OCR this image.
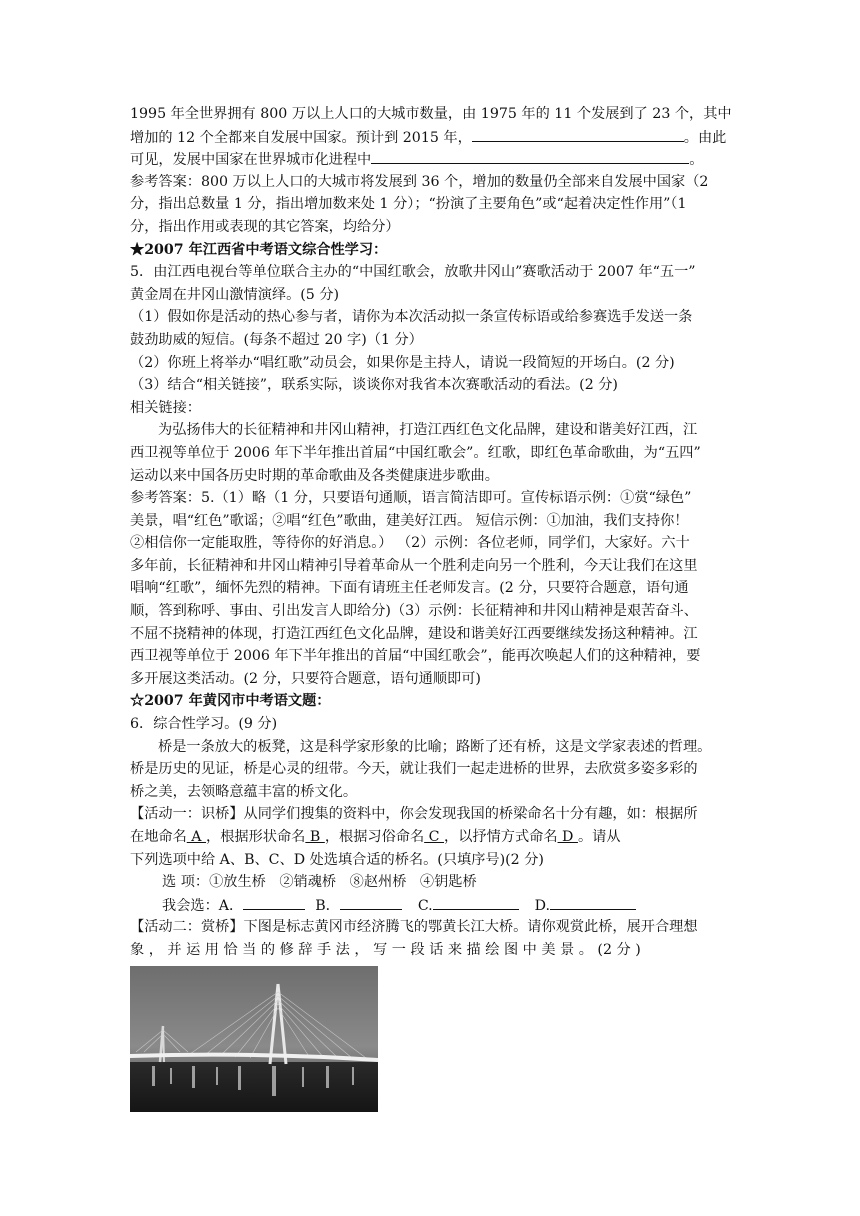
1995 年全世界拥有 800 万以上人口的大城市数量，由 1975 年的 11 个发展到了 23 个，其中
增加的 12 个全都来自发展中国家。预计到 2015 年，	。由此
可见，发展中国家在世界城市化进程中	。
参考答案：800 万以上人口的大城市将发展到 36 个，增加的数量仍全部来自发展中国家（2
分，指出总数量 1 分，指出增加数来处 1 分）；“扮演了主要角色”或“起着决定性作用”（1
分，指出作用或表现的其它答案，均给分）
★2007 年江西省中考语文综合性学习：
5．由江西电视台等单位联合主办的“中国红歌会，放歌井冈山”赛歌活动于 2007 年“五一”
黄金周在井冈山激情演绎。(5 分)
（1）假如你是活动的热心参与者，请你为本次活动拟一条宣传标语或给参赛选手发送一条
鼓劲助威的短信。(每条不超过 20 字)（1 分）
（2）你班上将举办“唱红歌”动员会，如果你是主持人，请说一段简短的开场白。(2 分)
（3）结合“相关链接”，联系实际，谈谈你对我省本次赛歌活动的看法。(2 分)
相关链接：
为弘扬伟大的长征精神和井冈山精神，打造江西红色文化品牌，建设和谐美好江西，江
西卫视等单位于 2006 年下半年推出首届“中国红歌会”。红歌，即红色革命歌曲，为“五四”
运动以来中国各历史时期的革命歌曲及各类健康进步歌曲。
参考答案：5.（1）略（1 分，只要语句通顺，语言简洁即可。宣传标语示例：①赏“绿色”
美景，唱“红色”歌谣；②唱“红色”歌曲，建美好江西。 短信示例：①加油，我们支持你！
②相信你一定能取胜，等待你的好消息。） （2）示例：各位老师，同学们，大家好。六十
多年前，长征精神和井冈山精神引导着革命从一个胜利走向另一个胜利，今天让我们在这里
唱响“红歌”，缅怀先烈的精神。下面有请班主任老师发言。(2 分，只要符合题意，语句通
顺，答到称呼、事由、引出发言人即给分)（3）示例：长征精神和井冈山精神是艰苦奋斗、
不屈不挠精神的体现，打造江西红色文化品牌，建设和谐美好江西要继续发扬这种精神。江
西卫视等单位于 2006 年下半年推出的首届“中国红歌会”，能再次唤起人们的这种精神，要
多开展这类活动。(2 分，只要符合题意，语句通顺即可)
☆2007 年黄冈市中考语文题：
6．综合性学习。(9 分)
桥是一条放大的板凳，这是科学家形象的比喻；路断了还有桥，这是文学家表述的哲理。
桥是历史的见证，桥是心灵的纽带。今天，就让我们一起走进桥的世界，去欣赏多姿多彩的
桥之美，去领略意蕴丰富的桥文化。
【活动一：识桥】从同学们搜集的资料中，你会发现我国的桥梁命名十分有趣，如：根据所
在地命名 A ，根据形状命名 B ，根据习俗命名 C ，以抒情方式命名 D 。请从
下列选项中给 A、B、C、D 处选填合适的桥名。(只填序号)(2 分)
选 项：①放生桥   ②销魂桥   ⑧赵州桥   ④钥匙桥
我会选：A．	B．	C.	D.
【活动二：赏桥】下图是标志黄冈市经济腾飞的鄂黄长江大桥。请你观赏此桥，展开合理想
象 ， 并 运 用 恰 当 的 修 辞 手 法 ， 写 一 段 话 来 描 绘 图 中 美 景 。 (2 分 )
